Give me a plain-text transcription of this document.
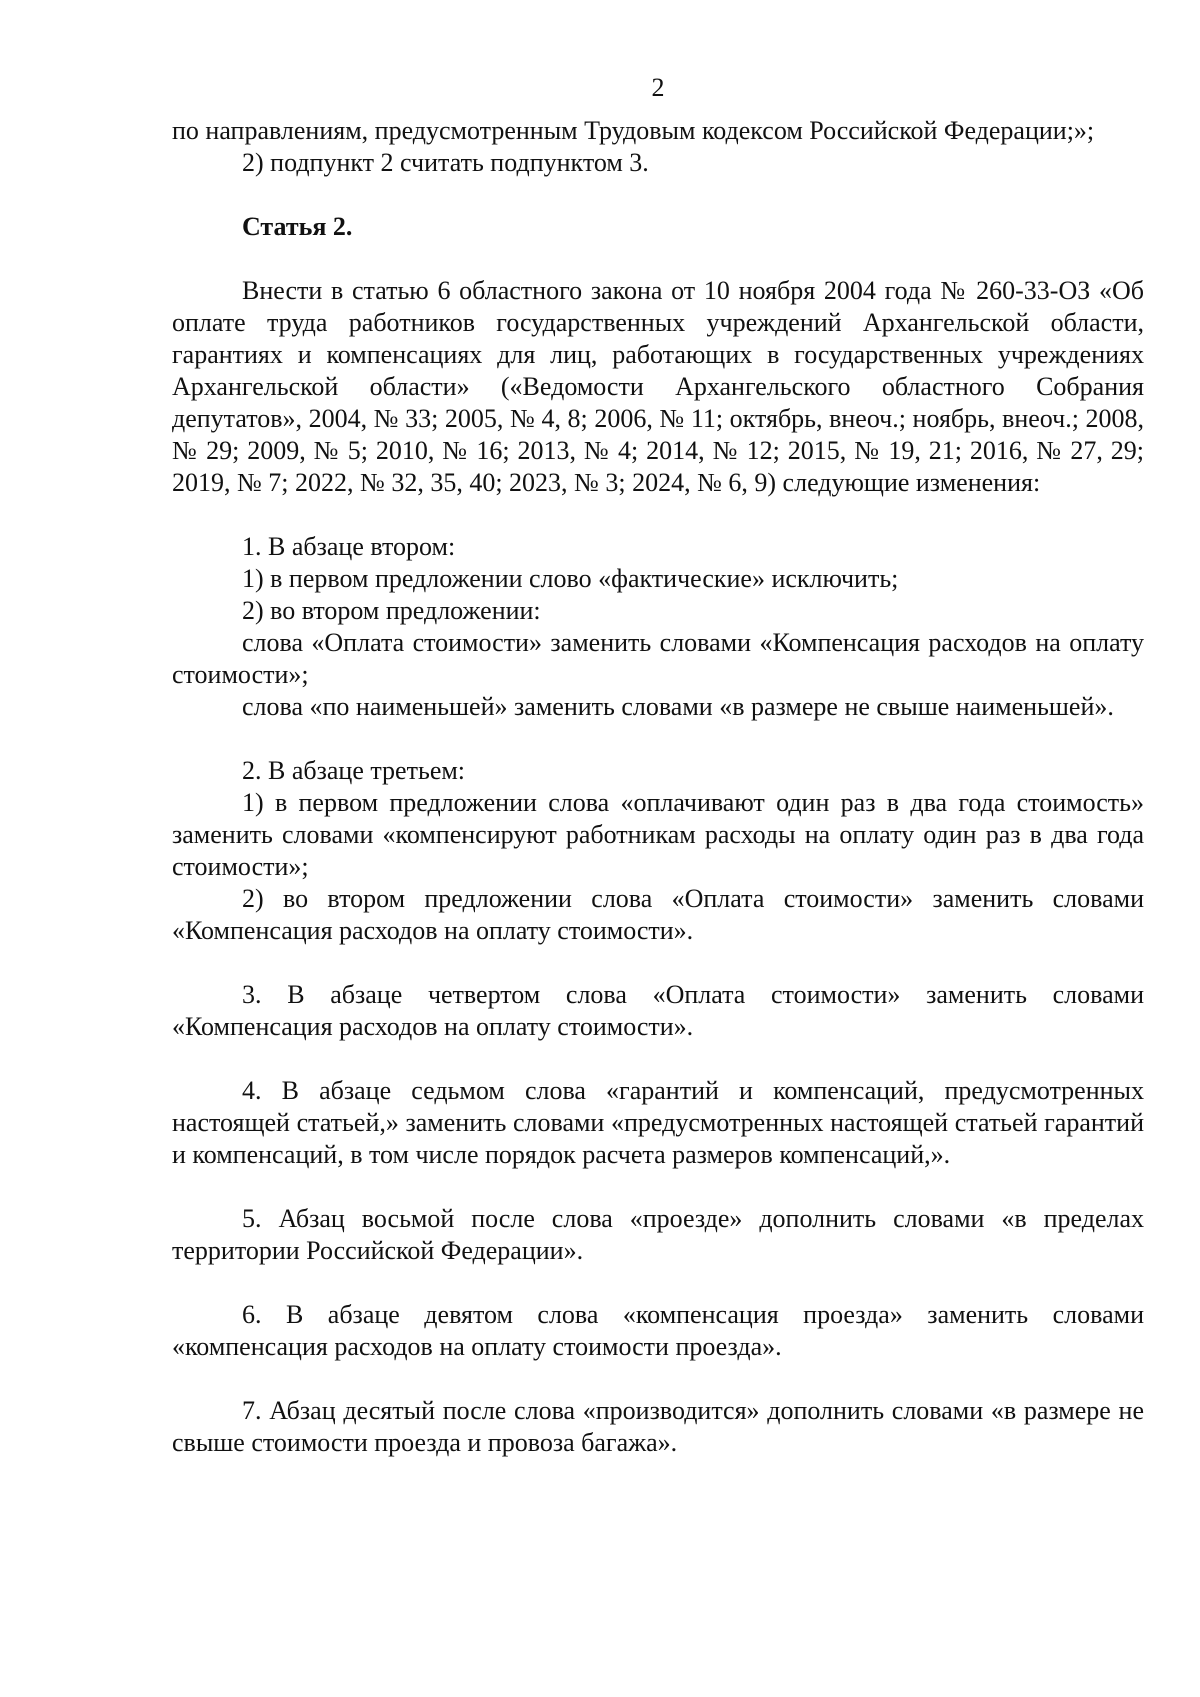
2

по направлениям, предусмотренным Трудовым кодексом Российской Федерации;»;

2) подпункт 2 считать подпунктом 3.

Статья 2.

Внести в статью 6 областного закона от 10 ноября 2004 года № 260-33-ОЗ «Об оплате труда работников государственных учреждений Архангельской области, гарантиях и компенсациях для лиц, работающих в государственных учреждениях Архангельской области» («Ведомости Архангельского областного Собрания депутатов», 2004, № 33; 2005, № 4, 8; 2006, № 11; октябрь, внеоч.; ноябрь, внеоч.; 2008, № 29; 2009, № 5; 2010, № 16; 2013, № 4; 2014, № 12; 2015, № 19, 21; 2016, № 27, 29; 2019, № 7; 2022, № 32, 35, 40; 2023, № 3; 2024, № 6, 9) следующие изменения:

1. В абзаце втором:

1) в первом предложении слово «фактические» исключить;

2) во втором предложении:

слова «Оплата стоимости» заменить словами «Компенсация расходов на оплату стоимости»;

слова «по наименьшей» заменить словами «в размере не свыше наименьшей».

2. В абзаце третьем:

1) в первом предложении слова «оплачивают один раз в два года стоимость» заменить словами «компенсируют работникам расходы на оплату один раз в два года стоимости»;

2) во втором предложении слова «Оплата стоимости» заменить словами «Компенсация расходов на оплату стоимости».

3. В абзаце четвертом слова «Оплата стоимости» заменить словами «Компенсация расходов на оплату стоимости».

4. В абзаце седьмом слова «гарантий и компенсаций, предусмотренных настоящей статьей,» заменить словами «предусмотренных настоящей статьей гарантий и компенсаций, в том числе порядок расчета размеров компенсаций,».

5. Абзац восьмой после слова «проезде» дополнить словами «в пределах территории Российской Федерации».

6. В абзаце девятом слова «компенсация проезда» заменить словами «компенсация расходов на оплату стоимости проезда».

7. Абзац десятый после слова «производится» дополнить словами «в размере не свыше стоимости проезда и провоза багажа».
